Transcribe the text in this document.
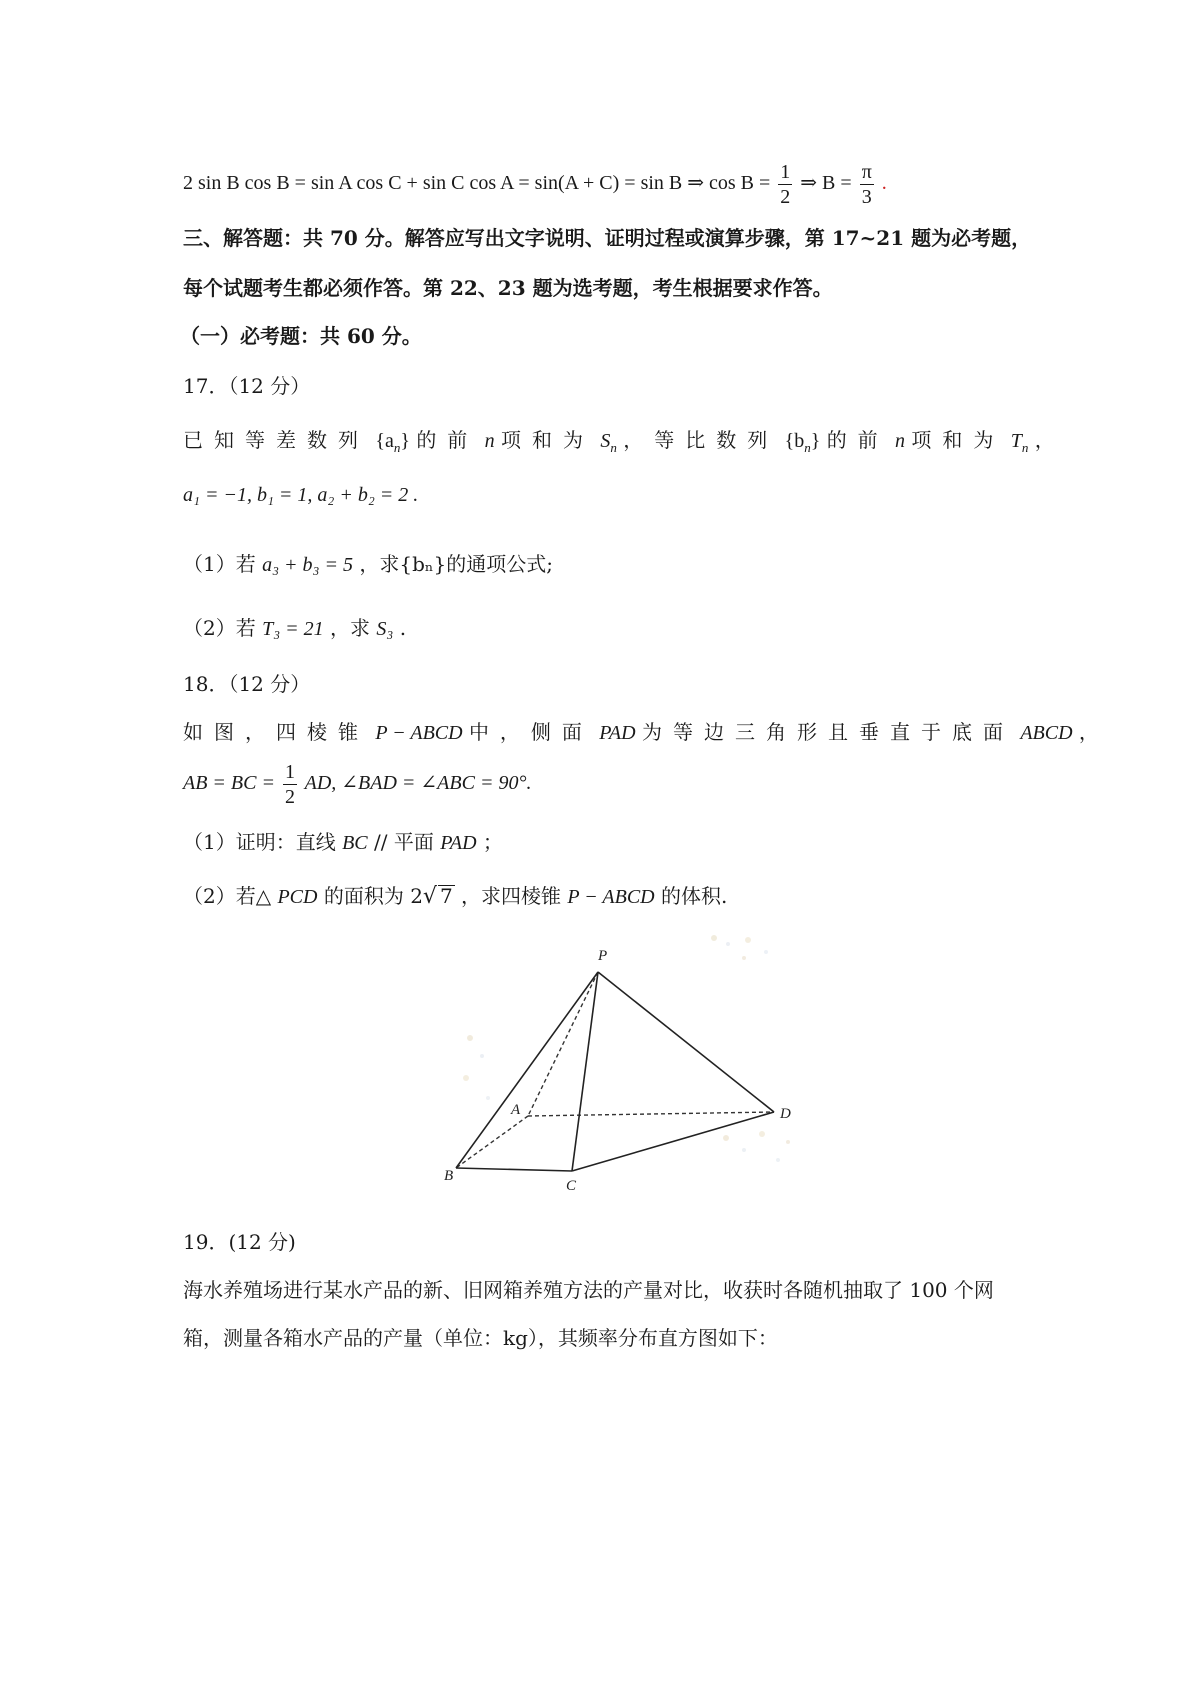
2 sin B cos B = sin A cos C + sin C cos A = sin(A + C) = sin B ⇒ $\cos B = \frac{1}{2}$ ⇒ $B = \frac{\pi}{3}$ .
三、解答题：共 70 分。解答应写出文字说明、证明过程或演算步骤，第 17~21 题为必考题，
每个试题考生都必须作答。第 22、23 题为选考题，考生根据要求作答。
（一）必考题：共 60 分。
17．（12 分）
已知等差数列 $\{a_n\}$ 的前 n 项和为 $S_n$ ，等比数列 $\{b_n\}$ 的前 n 项和为 $T_n$ ，
a₁ = −1, b₁ = 1, a₂ + b₂ = 2 .
（1）若 a₃ + b₃ = 5 ，求{bₙ}的通项公式;
（2）若 T₃ = 21 ，求 S₃ .
18．（12 分）
如图，四棱锥 P − ABCD 中，侧面 PAD 为等边三角形且垂直于底面 ABCD ，
AB = BC = $\frac{1}{2}$ AD, ∠BAD = ∠ABC = 90°.
（1）证明：直线 BC // 平面 PAD ；
（2）若△ PCD 的面积为 2√ 7 ，求四棱锥 P − ABCD 的体积.
P
A
B
C
D
19．(12 分)
海水养殖场进行某水产品的新、旧网箱养殖方法的产量对比，收获时各随机抽取了 100 个网
箱，测量各箱水产品的产量（单位：kg），其频率分布直方图如下：
